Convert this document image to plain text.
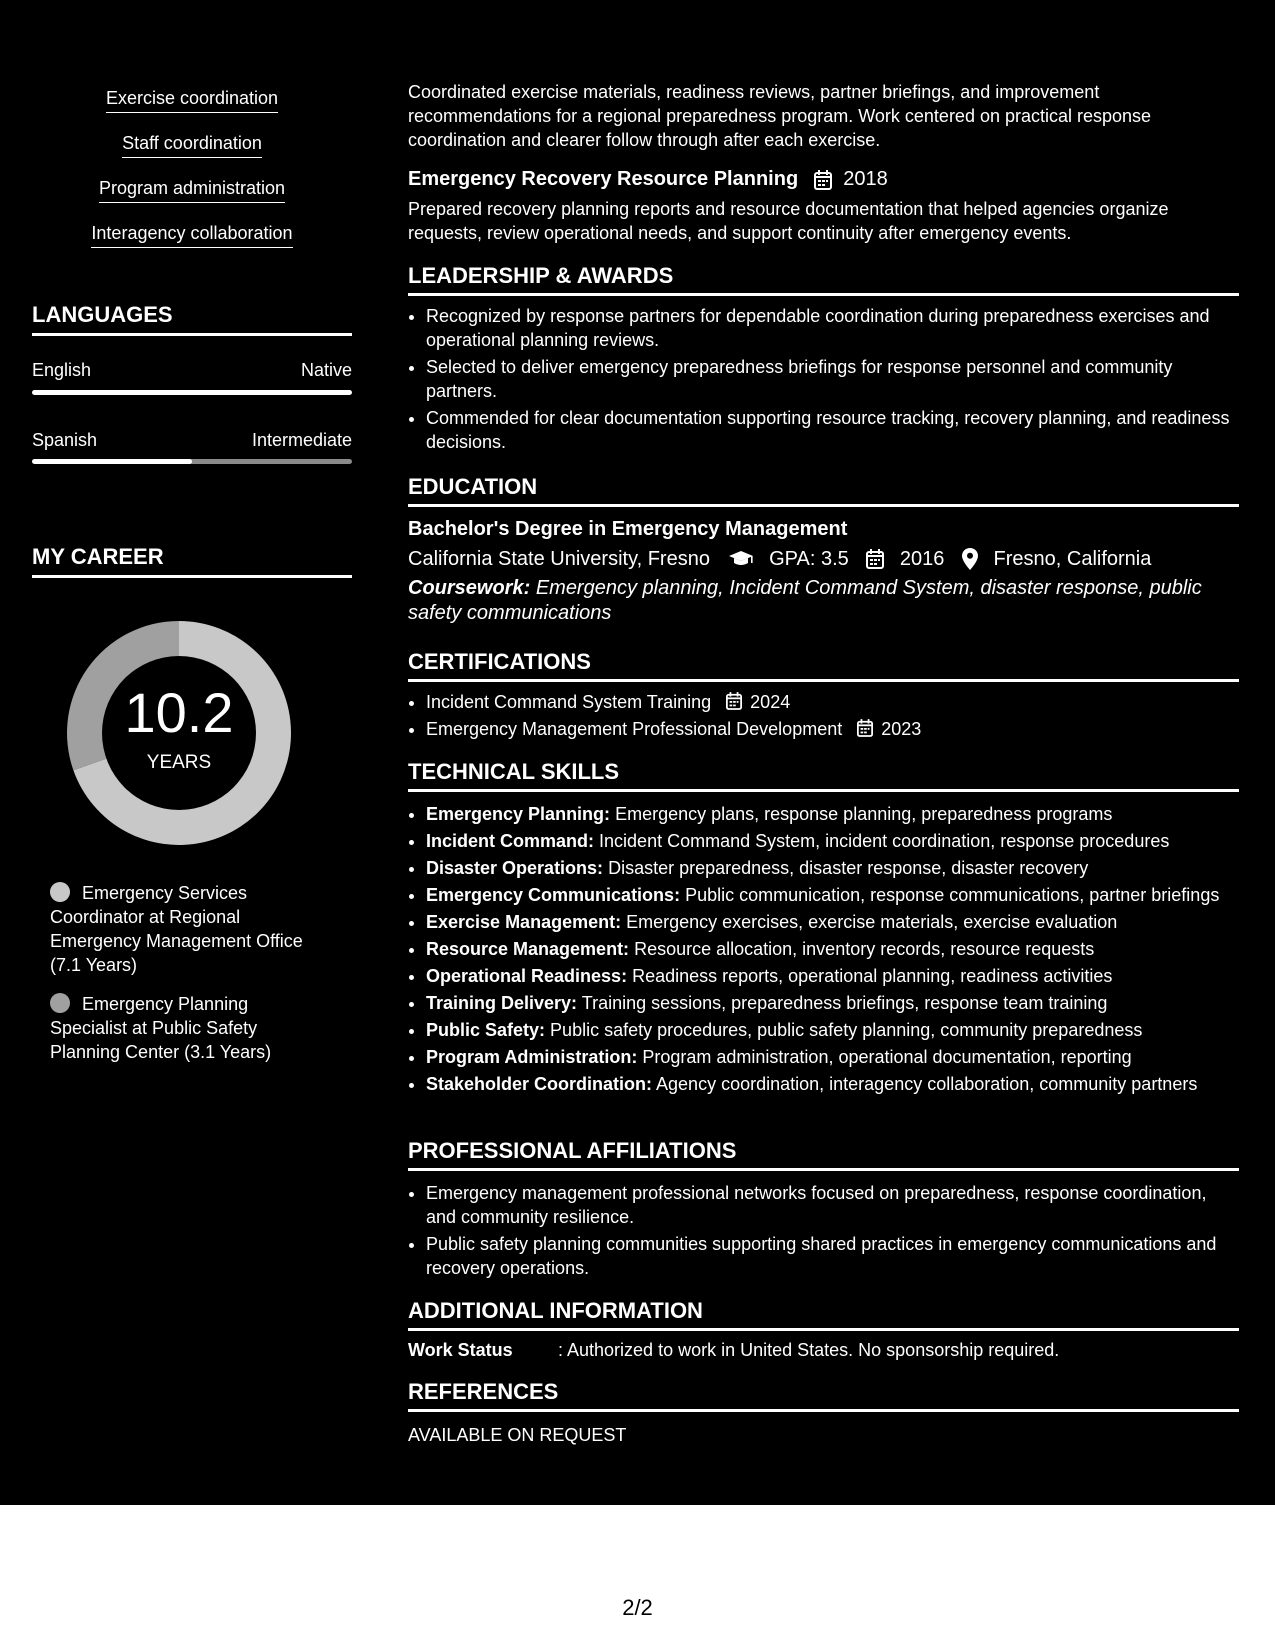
Exercise coordination
Staff coordination
Program administration
Interagency collaboration
LANGUAGES
English	Native
Spanish	Intermediate
MY CAREER
10.2
YEARS
Emergency Services Coordinator at Regional Emergency Management Office (7.1 Years)
Emergency Planning Specialist at Public Safety Planning Center (3.1 Years)
Coordinated exercise materials, readiness reviews, partner briefings, and improvement recommendations for a regional preparedness program. Work centered on practical response coordination and clearer follow through after each exercise.
Emergency Recovery Resource Planning 2018
Prepared recovery planning reports and resource documentation that helped agencies organize requests, review operational needs, and support continuity after emergency events.
LEADERSHIP & AWARDS
• Recognized by response partners for dependable coordination during preparedness exercises and operational planning reviews.
• Selected to deliver emergency preparedness briefings for response personnel and community partners.
• Commended for clear documentation supporting resource tracking, recovery planning, and readiness decisions.
EDUCATION
Bachelor's Degree in Emergency Management
California State University, Fresno	GPA: 3.5	2016 Fresno, California
Coursework: Emergency planning, Incident Command System, disaster response, public safety communications
CERTIFICATIONS
• Incident Command System Training 2024
• Emergency Management Professional Development 2023
TECHNICAL SKILLS
• Emergency Planning: Emergency plans, response planning, preparedness programs
• Incident Command: Incident Command System, incident coordination, response procedures
• Disaster Operations: Disaster preparedness, disaster response, disaster recovery
• Emergency Communications: Public communication, response communications, partner briefings
• Exercise Management: Emergency exercises, exercise materials, exercise evaluation
• Resource Management: Resource allocation, inventory records, resource requests
• Operational Readiness: Readiness reports, operational planning, readiness activities
• Training Delivery: Training sessions, preparedness briefings, response team training
• Public Safety: Public safety procedures, public safety planning, community preparedness
• Program Administration: Program administration, operational documentation, reporting
• Stakeholder Coordination: Agency coordination, interagency collaboration, community partners
PROFESSIONAL AFFILIATIONS
• Emergency management professional networks focused on preparedness, response coordination, and community resilience.
• Public safety planning communities supporting shared practices in emergency communications and recovery operations.
ADDITIONAL INFORMATION
Work Status	: Authorized to work in United States. No sponsorship required.
REFERENCES
AVAILABLE ON REQUEST
2/2
